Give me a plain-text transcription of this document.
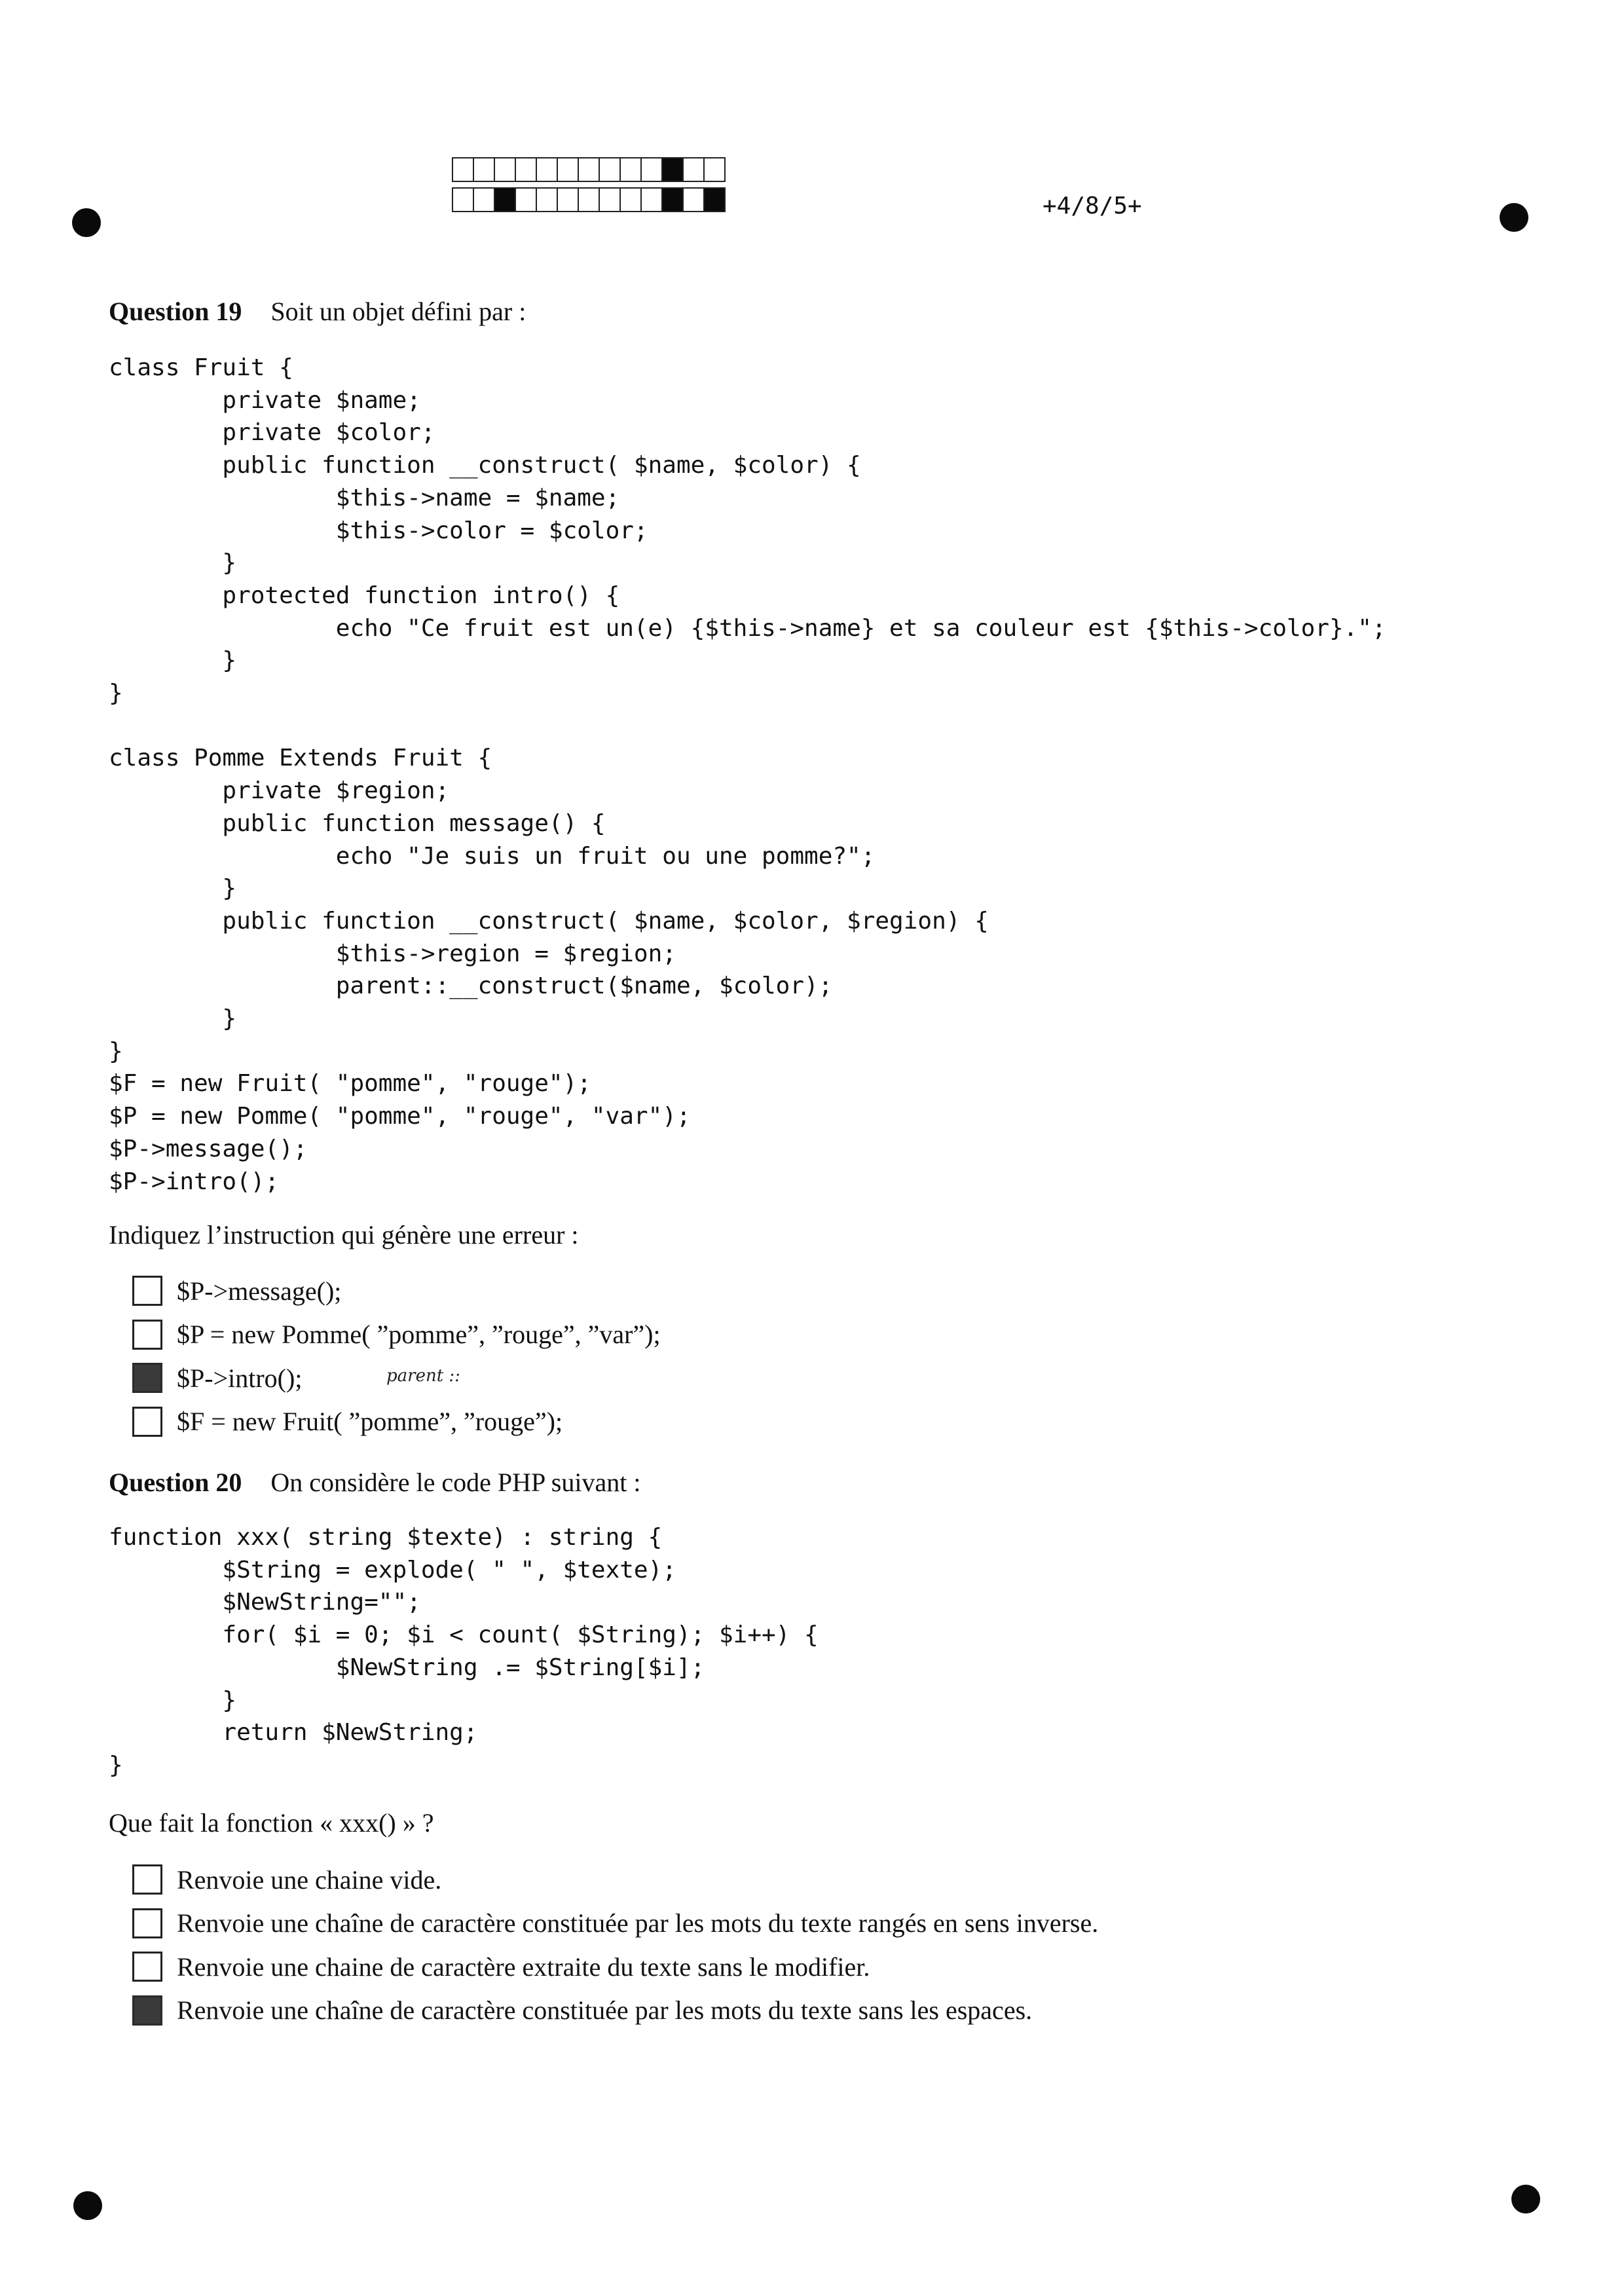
+4/8/5+
Question 19 Soit un objet défini par :
class Fruit {
private $name;
private $color;
public function __construct( $name, $color) {
$this->name = $name;
$this->color = $color;
}
protected function intro() {
echo "Ce fruit est un(e) {$this->name} et sa couleur est {$this->color}.";
}
}

class Pomme Extends Fruit {
private $region;
public function message() {
echo "Je suis un fruit ou une pomme?";
}
public function __construct( $name, $color, $region) {
$this->region = $region;
parent::__construct($name, $color);
}
}
$F = new Fruit( "pomme", "rouge");
$P = new Pomme( "pomme", "rouge", "var");
$P->message();
$P->intro();
Indiquez l’instruction qui génère une erreur :
$P->message();
$P = new Pomme( ”pomme”, ”rouge”, ”var”);
$P->intro();
$F = new Fruit( ”pomme”, ”rouge”);
parent ::
Question 20 On considère le code PHP suivant :
function xxx( string $texte) : string {
$String = explode( " ", $texte);
$NewString="";
for( $i = 0; $i < count( $String); $i++) {
$NewString .= $String[$i];
}
return $NewString;
}
Que fait la fonction « xxx() » ?
Renvoie une chaine vide.
Renvoie une chaîne de caractère constituée par les mots du texte rangés en sens inverse.
Renvoie une chaine de caractère extraite du texte sans le modifier.
Renvoie une chaîne de caractère constituée par les mots du texte sans les espaces.
